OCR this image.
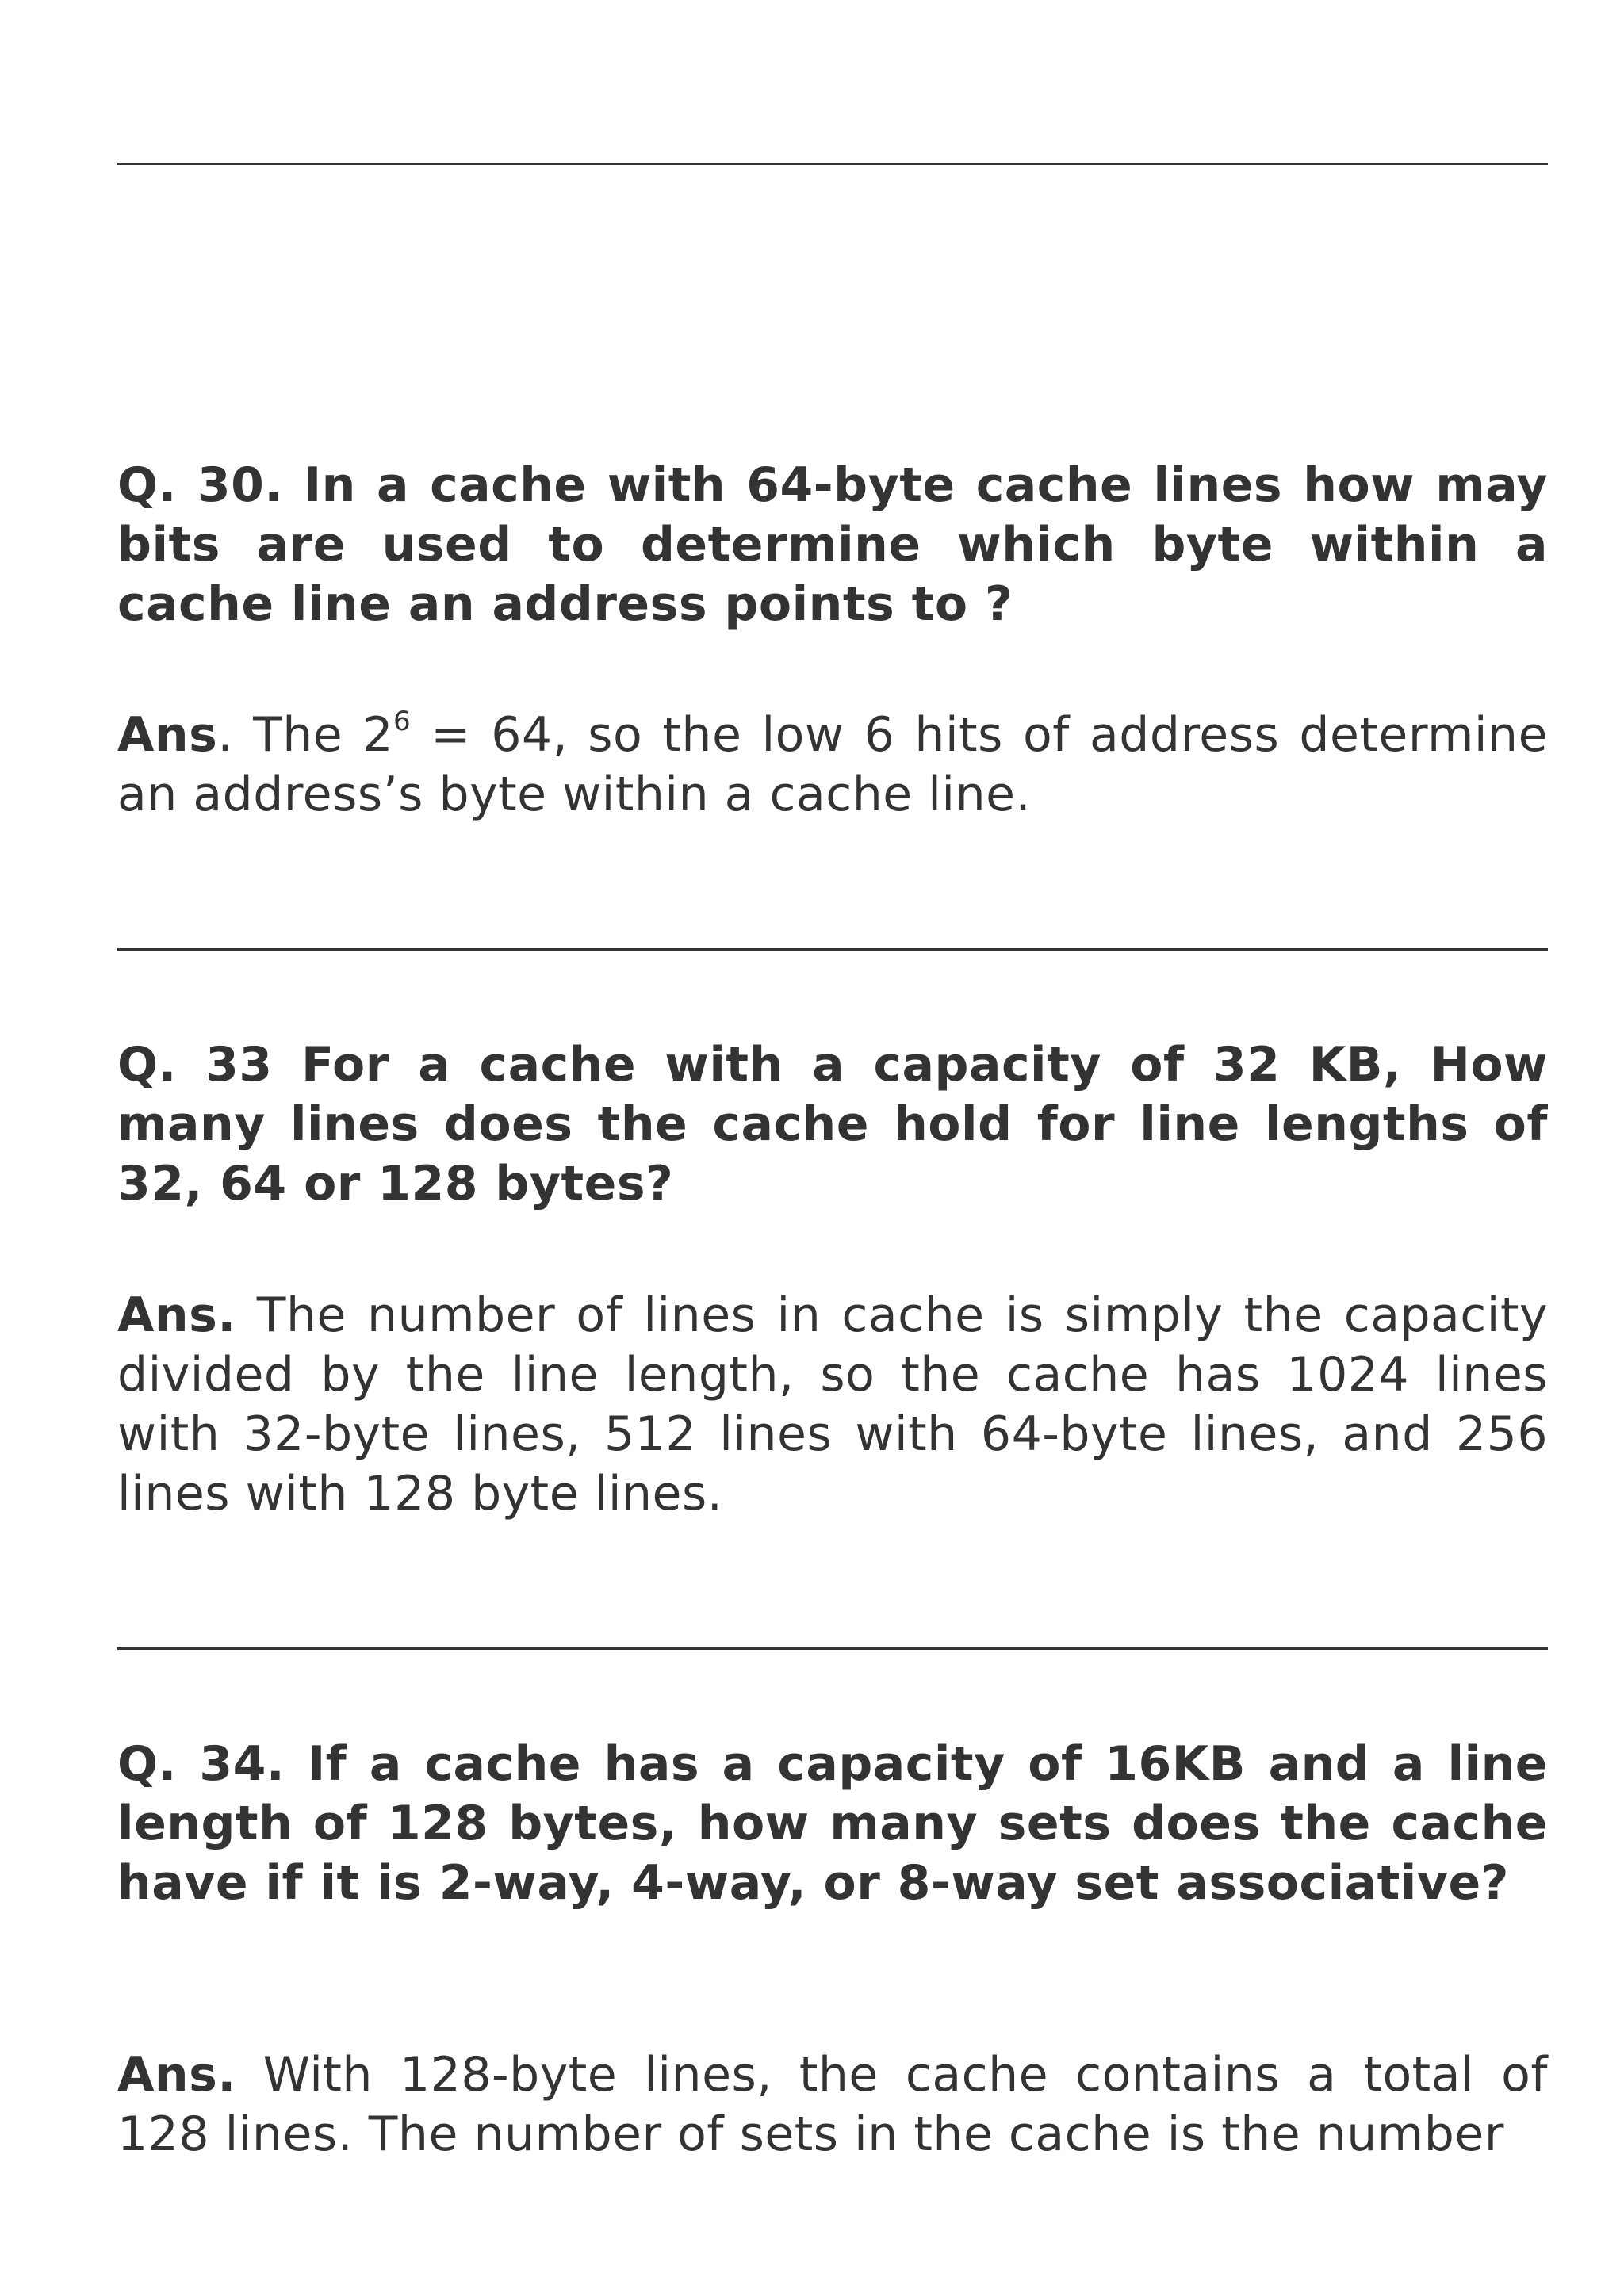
Q. 30. In a cache with 64-byte cache lines how may bits are used to determine which byte within a cache line an address points to ?
Ans. The $2^6 = 64$, so the low 6 hits of address determine an address’s byte within a cache line.
Q. 33 For a cache with a capacity of 32 KB, How many lines does the cache hold for line lengths of 32, 64 or 128 bytes?
Ans. The number of lines in cache is simply the capacity divided by the line length, so the cache has 1024 lines with 32-byte lines, 512 lines with 64-byte lines, and 256 lines with 128 byte lines.
Q. 34. If a cache has a capacity of 16KB and a line length of 128 bytes, how many sets does the cache have if it is 2-way, 4-way, or 8-way set associative?
Ans. With 128-byte lines, the cache contains a total of 128 lines. The number of sets in the cache is the number
